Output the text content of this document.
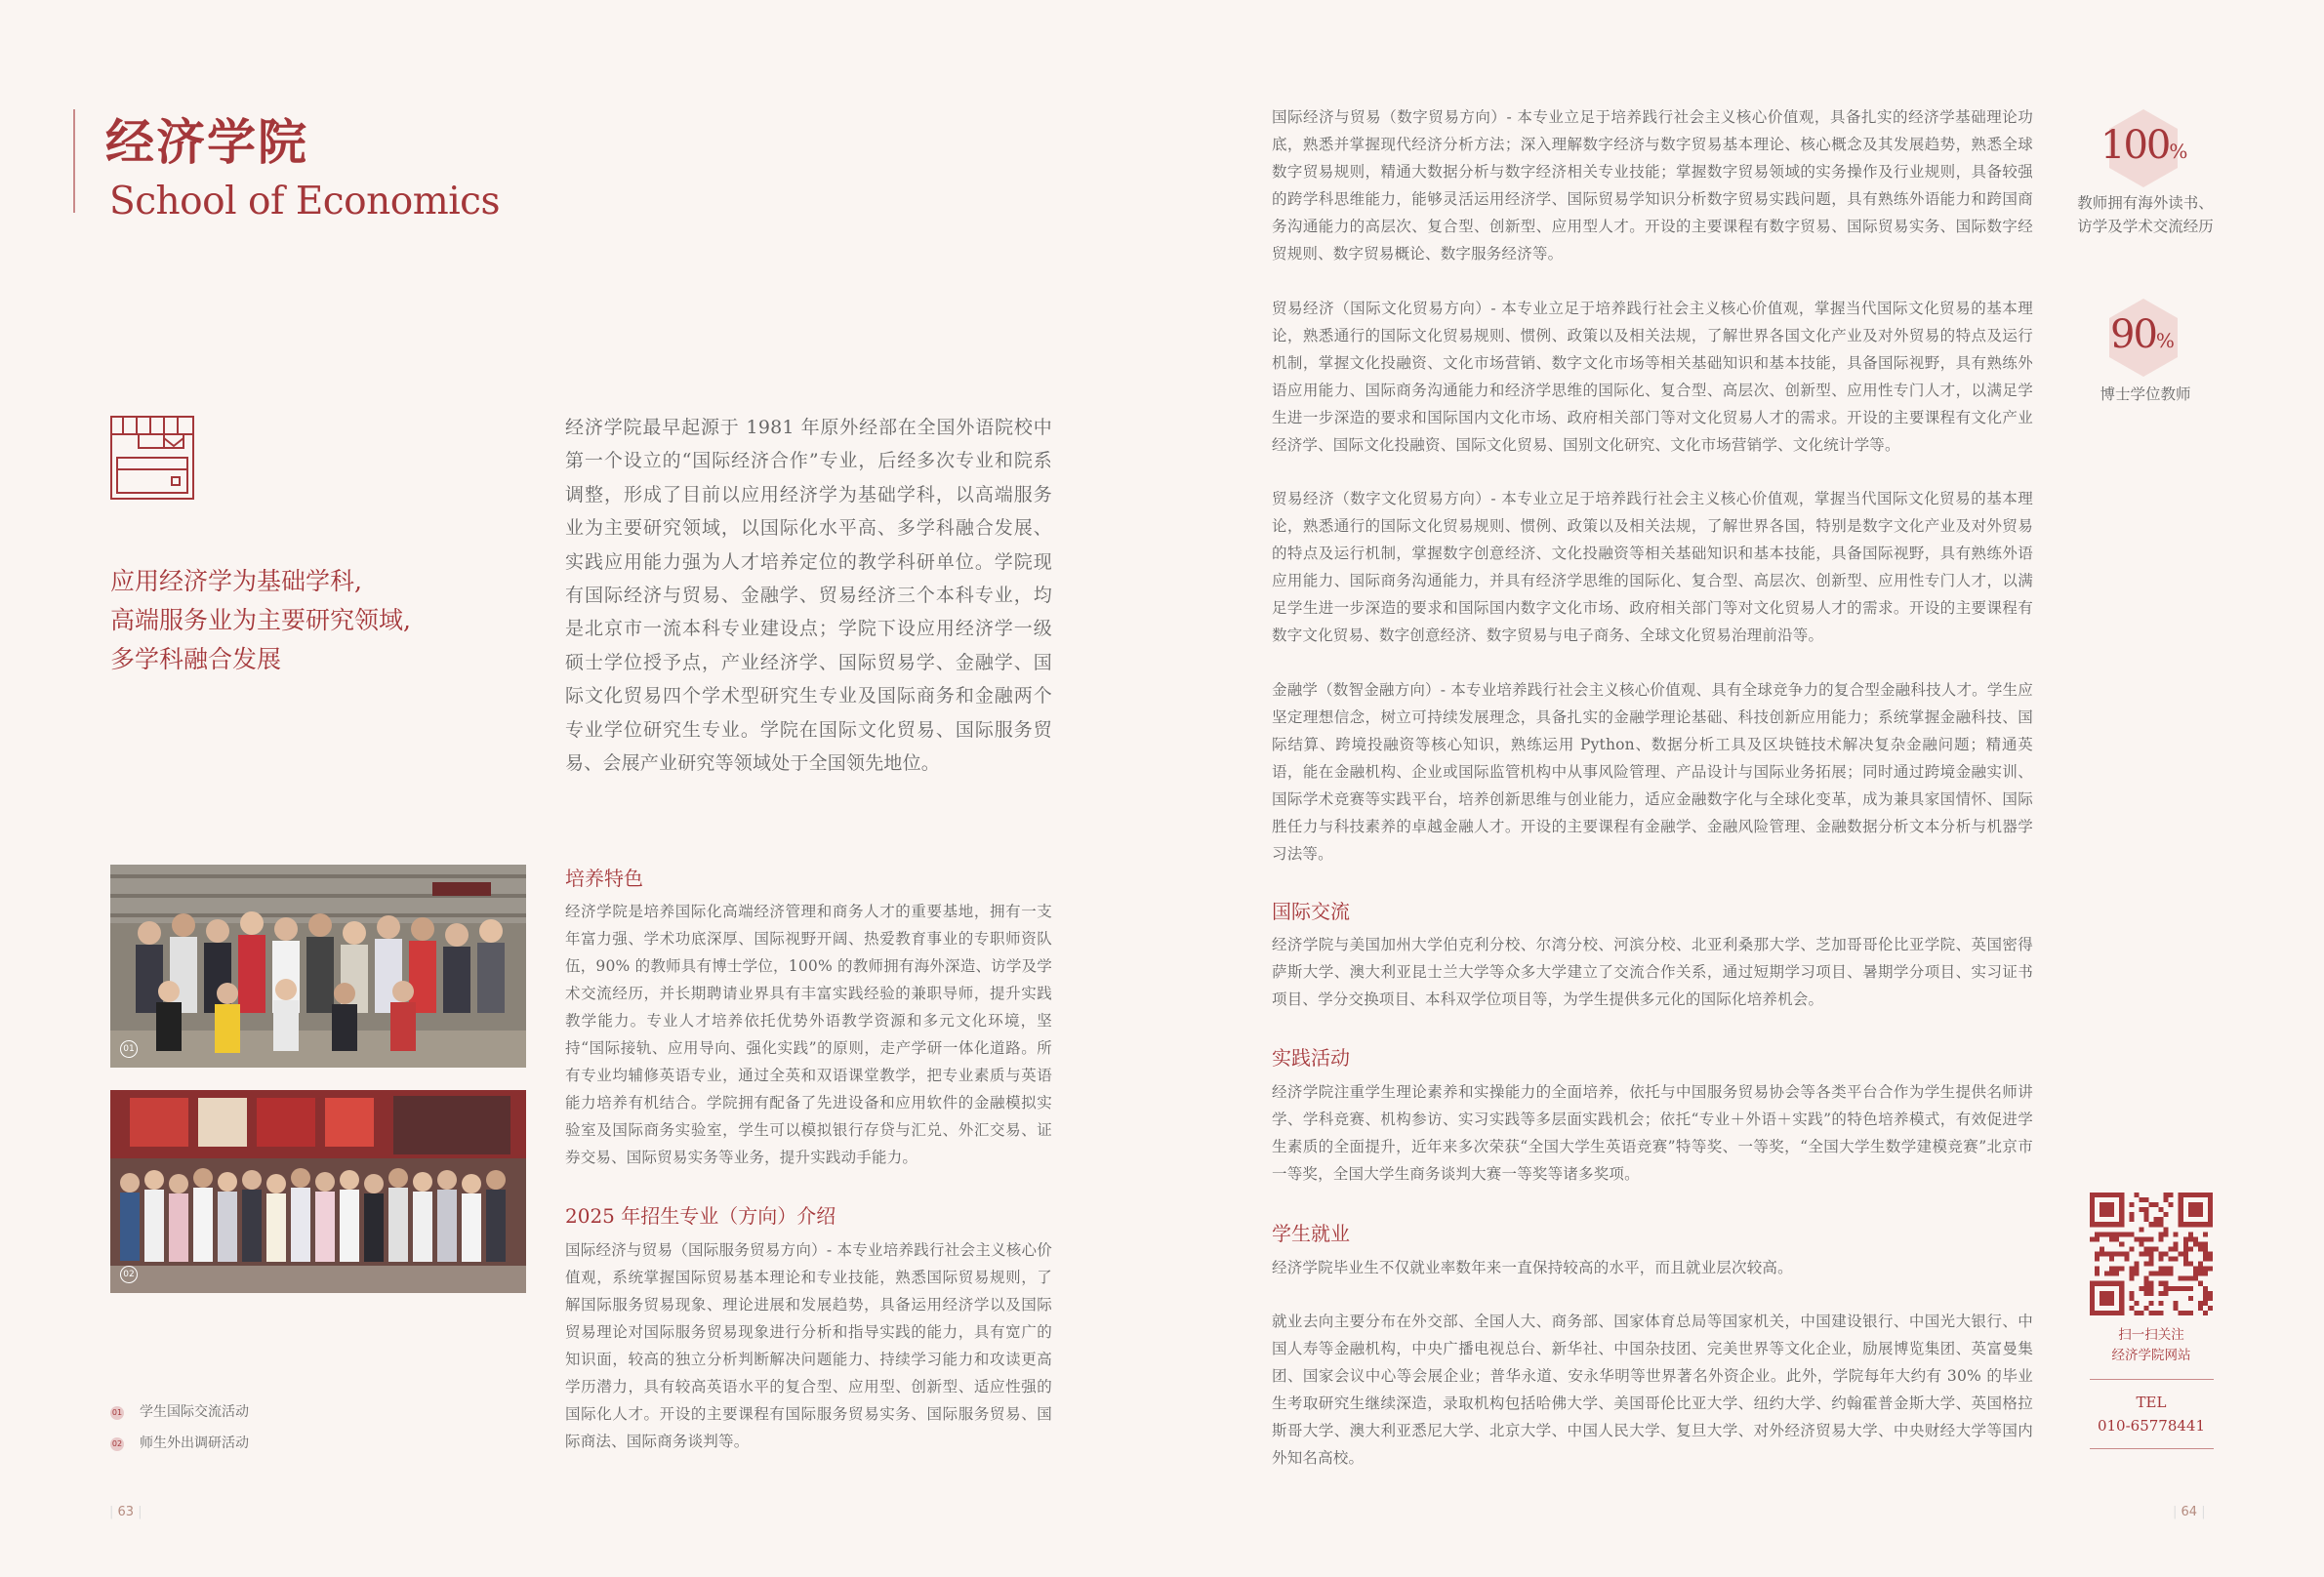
经济学院
School of Economics
应用经济学为基础学科,
高端服务业为主要研究领域,
多学科融合发展
经济学院最早起源于 1981 年原外经部在全国外语院校中第一个设立的“国际经济合作”专业，后经多次专业和院系调整，形成了目前以应用经济学为基础学科，以高端服务业为主要研究领域，以国际化水平高、多学科融合发展、实践应用能力强为人才培养定位的教学科研单位。学院现有国际经济与贸易、金融学、贸易经济三个本科专业，均是北京市一流本科专业建设点；学院下设应用经济学一级硕士学位授予点，产业经济学、国际贸易学、金融学、国际文化贸易四个学术型研究生专业及国际商务和金融两个专业学位研究生专业。学院在国际文化贸易、国际服务贸易、会展产业研究等领域处于全国领先地位。
01
02
01 学生国际交流活动
02 师生外出调研活动
培养特色
经济学院是培养国际化高端经济管理和商务人才的重要基地，拥有一支年富力强、学术功底深厚、国际视野开阔、热爱教育事业的专职师资队伍，90% 的教师具有博士学位，100% 的教师拥有海外深造、访学及学术交流经历，并长期聘请业界具有丰富实践经验的兼职导师，提升实践教学能力。专业人才培养依托优势外语教学资源和多元文化环境，坚持“国际接轨、应用导向、强化实践”的原则，走产学研一体化道路。所有专业均辅修英语专业，通过全英和双语课堂教学，把专业素质与英语能力培养有机结合。学院拥有配备了先进设备和应用软件的金融模拟实验室及国际商务实验室，学生可以模拟银行存贷与汇兑、外汇交易、证券交易、国际贸易实务等业务，提升实践动手能力。
2025 年招生专业（方向）介绍
国际经济与贸易（国际服务贸易方向）- 本专业培养践行社会主义核心价值观，系统掌握国际贸易基本理论和专业技能，熟悉国际贸易规则，了解国际服务贸易现象、理论进展和发展趋势，具备运用经济学以及国际贸易理论对国际服务贸易现象进行分析和指导实践的能力，具有宽广的知识面，较高的独立分析判断解决问题能力、持续学习能力和攻读更高学历潜力，具有较高英语水平的复合型、应用型、创新型、适应性强的国际化人才。开设的主要课程有国际服务贸易实务、国际服务贸易、国际商法、国际商务谈判等。
| 63 |
国际经济与贸易（数字贸易方向）- 本专业立足于培养践行社会主义核心价值观，具备扎实的经济学基础理论功底，熟悉并掌握现代经济分析方法；深入理解数字经济与数字贸易基本理论、核心概念及其发展趋势，熟悉全球数字贸易规则，精通大数据分析与数字经济相关专业技能；掌握数字贸易领域的实务操作及行业规则，具备较强的跨学科思维能力，能够灵活运用经济学、国际贸易学知识分析数字贸易实践问题，具有熟练外语能力和跨国商务沟通能力的高层次、复合型、创新型、应用型人才。开设的主要课程有数字贸易、国际贸易实务、国际数字经贸规则、数字贸易概论、数字服务经济等。
贸易经济（国际文化贸易方向）- 本专业立足于培养践行社会主义核心价值观，掌握当代国际文化贸易的基本理论，熟悉通行的国际文化贸易规则、惯例、政策以及相关法规，了解世界各国文化产业及对外贸易的特点及运行机制，掌握文化投融资、文化市场营销、数字文化市场等相关基础知识和基本技能，具备国际视野，具有熟练外语应用能力、国际商务沟通能力和经济学思维的国际化、复合型、高层次、创新型、应用性专门人才，以满足学生进一步深造的要求和国际国内文化市场、政府相关部门等对文化贸易人才的需求。开设的主要课程有文化产业经济学、国际文化投融资、国际文化贸易、国别文化研究、文化市场营销学、文化统计学等。
贸易经济（数字文化贸易方向）- 本专业立足于培养践行社会主义核心价值观，掌握当代国际文化贸易的基本理论，熟悉通行的国际文化贸易规则、惯例、政策以及相关法规，了解世界各国，特别是数字文化产业及对外贸易的特点及运行机制，掌握数字创意经济、文化投融资等相关基础知识和基本技能，具备国际视野，具有熟练外语应用能力、国际商务沟通能力，并具有经济学思维的国际化、复合型、高层次、创新型、应用性专门人才，以满足学生进一步深造的要求和国际国内数字文化市场、政府相关部门等对文化贸易人才的需求。开设的主要课程有数字文化贸易、数字创意经济、数字贸易与电子商务、全球文化贸易治理前沿等。
金融学（数智金融方向）- 本专业培养践行社会主义核心价值观、具有全球竞争力的复合型金融科技人才。学生应坚定理想信念，树立可持续发展理念，具备扎实的金融学理论基础、科技创新应用能力；系统掌握金融科技、国际结算、跨境投融资等核心知识，熟练运用 Python、数据分析工具及区块链技术解决复杂金融问题；精通英语，能在金融机构、企业或国际监管机构中从事风险管理、产品设计与国际业务拓展；同时通过跨境金融实训、国际学术竞赛等实践平台，培养创新思维与创业能力，适应金融数字化与全球化变革，成为兼具家国情怀、国际胜任力与科技素养的卓越金融人才。开设的主要课程有金融学、金融风险管理、金融数据分析文本分析与机器学习法等。
国际交流
经济学院与美国加州大学伯克利分校、尔湾分校、河滨分校、北亚利桑那大学、芝加哥哥伦比亚学院、英国密得萨斯大学、澳大利亚昆士兰大学等众多大学建立了交流合作关系，通过短期学习项目、暑期学分项目、实习证书项目、学分交换项目、本科双学位项目等，为学生提供多元化的国际化培养机会。
实践活动
经济学院注重学生理论素养和实操能力的全面培养，依托与中国服务贸易协会等各类平台合作为学生提供名师讲学、学科竞赛、机构参访、实习实践等多层面实践机会；依托“专业＋外语＋实践”的特色培养模式，有效促进学生素质的全面提升，近年来多次荣获“全国大学生英语竞赛”特等奖、一等奖，“全国大学生数学建模竞赛”北京市一等奖，全国大学生商务谈判大赛一等奖等诸多奖项。
学生就业
经济学院毕业生不仅就业率数年来一直保持较高的水平，而且就业层次较高。
就业去向主要分布在外交部、全国人大、商务部、国家体育总局等国家机关，中国建设银行、中国光大银行、中国人寿等金融机构，中央广播电视总台、新华社、中国杂技团、完美世界等文化企业，励展博览集团、英富曼集团、国家会议中心等会展企业；普华永道、安永华明等世界著名外资企业。此外，学院每年大约有 30% 的毕业生考取研究生继续深造，录取机构包括哈佛大学、美国哥伦比亚大学、纽约大学、约翰霍普金斯大学、英国格拉斯哥大学、澳大利亚悉尼大学、北京大学、中国人民大学、复旦大学、对外经济贸易大学、中央财经大学等国内外知名高校。
100%
教师拥有海外读书、
访学及学术交流经历
90%
博士学位教师
扫一扫关注
经济学院网站
TEL
010-65778441
| 64 |
